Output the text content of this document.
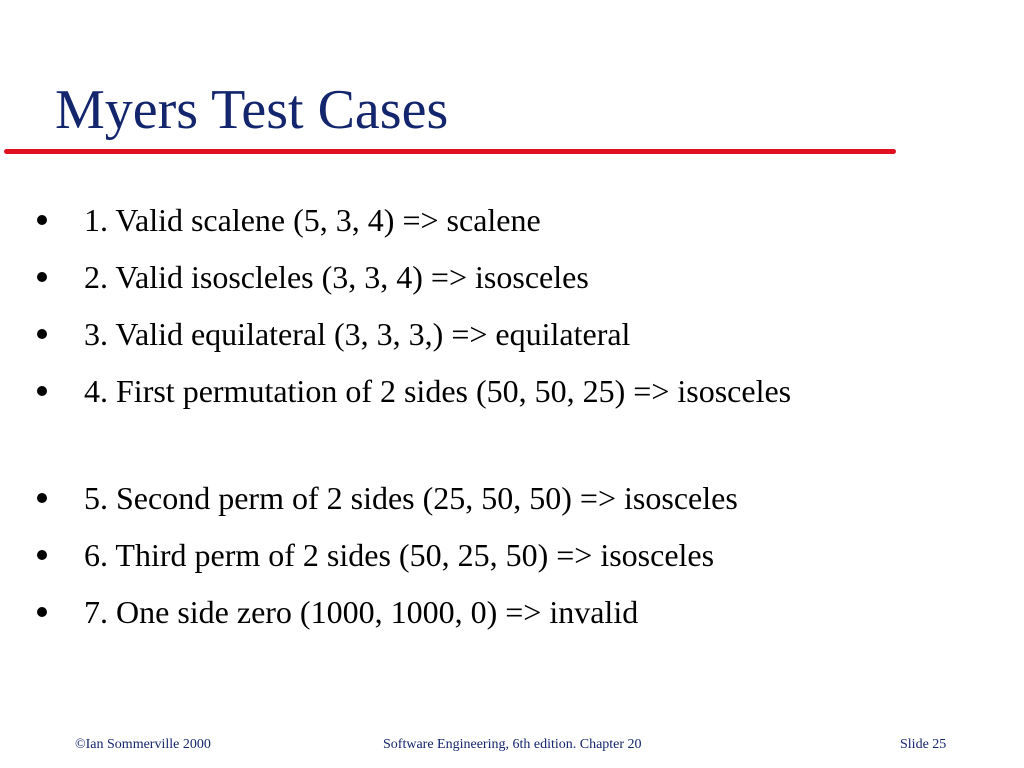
Myers Test Cases
1. Valid scalene (5, 3, 4) => scalene
2. Valid isoscleles (3, 3, 4) => isosceles
3. Valid equilateral (3, 3, 3,) => equilateral
4. First permutation of 2 sides (50, 50, 25) => isosceles
5. Second perm of 2 sides (25, 50, 50) => isosceles
6. Third perm of 2 sides (50, 25, 50) => isosceles
7. One side zero (1000, 1000, 0) => invalid
©Ian Sommerville 2000	Software Engineering, 6th edition. Chapter 20	Slide 25
